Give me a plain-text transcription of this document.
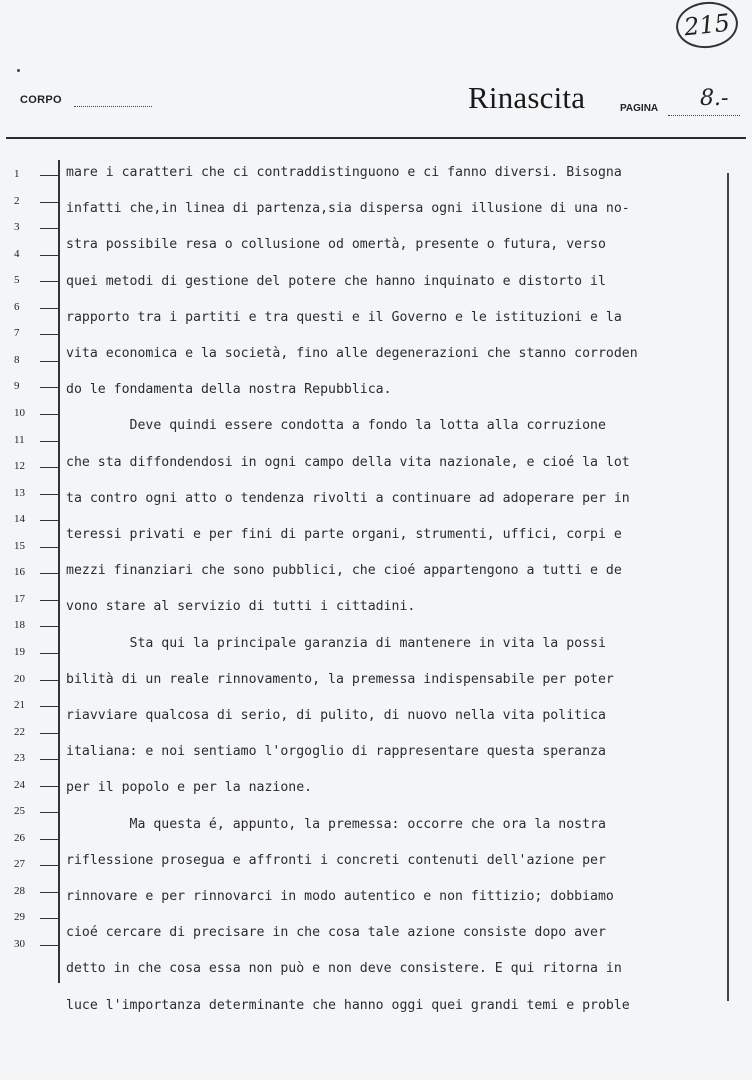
215
CORPO	Rinascita	PAGINA 8.-
1
2
3
4
5
6
7
8
9
10
11
12
13
14
15
16
17
18
19
20
21
22
23
24
25
26
27
28
29
30
mare i caratteri che ci contraddistinguono e ci fanno diversi. Bisogna
infatti che,in linea di partenza,sia dispersa ogni illusione di una no-
stra possibile resa o collusione od omertà, presente o futura, verso
quei metodi di gestione del potere che hanno inquinato e distorto il
rapporto tra i partiti e tra questi e il Governo e le istituzioni e la
vita economica e la società, fino alle degenerazioni che stanno corroden
do le fondamenta della nostra Repubblica.
Deve quindi essere condotta a fondo la lotta alla corruzione
che sta diffondendosi in ogni campo della vita nazionale, e cioé la lot
ta contro ogni atto o tendenza rivolti a continuare ad adoperare per in
teressi privati e per fini di parte organi, strumenti, uffici, corpi e
mezzi finanziari che sono pubblici, che cioé appartengono a tutti e de
vono stare al servizio di tutti i cittadini.
Sta qui la principale garanzia di mantenere in vita la possi
bilità di un reale rinnovamento, la premessa indispensabile per poter
riavviare qualcosa di serio, di pulito, di nuovo nella vita politica
italiana: e noi sentiamo l'orgoglio di rappresentare questa speranza
per il popolo e per la nazione.
Ma questa é, appunto, la premessa: occorre che ora la nostra
riflessione prosegua e affronti i concreti contenuti dell'azione per
rinnovare e per rinnovarci in modo autentico e non fittizio; dobbiamo
cioé cercare di precisare in che cosa tale azione consiste dopo aver
detto in che cosa essa non può e non deve consistere. E qui ritorna in
luce l'importanza determinante che hanno oggi quei grandi temi e proble
